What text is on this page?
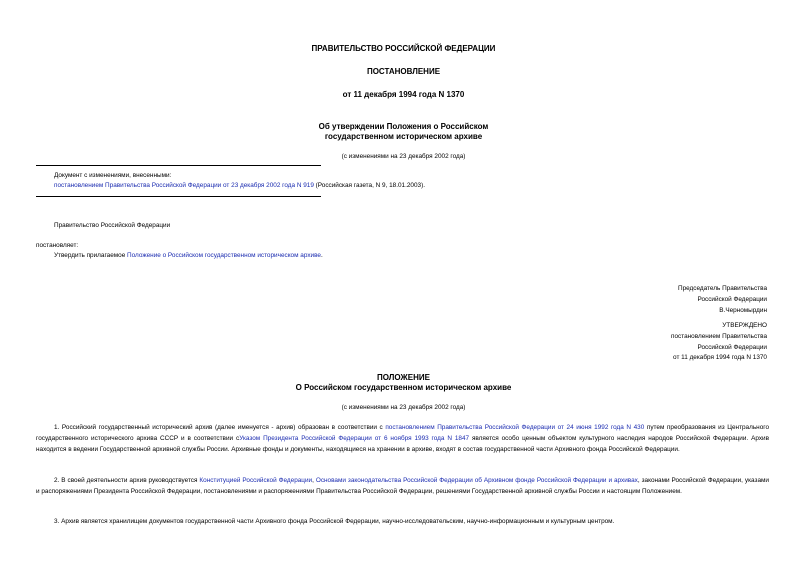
ПРАВИТЕЛЬСТВО РОССИЙСКОЙ ФЕДЕРАЦИИ
ПОСТАНОВЛЕНИЕ
от 11 декабря 1994 года N 1370
Об утверждении Положения о Российском
государственном историческом архиве
(с изменениями на 23 декабря 2002 года)
Документ с изменениями, внесенными:
постановлением Правительства Российской Федерации от 23 декабря 2002 года N 919 (Российская газета, N 9, 18.01.2003).
Правительство Российской Федерации
постановляет:
Утвердить прилагаемое Положение о Российском государственном историческом архиве.
Председатель Правительства
Российской Федерации
В.Черномырдин
УТВЕРЖДЕНО
постановлением Правительства
Российской Федерации
от 11 декабря 1994 года N 1370
ПОЛОЖЕНИЕ
О Российском государственном историческом архиве
(с изменениями на 23 декабря 2002 года)

1. Российский государственный исторический архив (далее именуется - архив) образован в соответствии с постановлением Правительства Российской Федерации от 24 июня 1992 года N 430 путем преобразования из Центрального государственного исторического архива СССР и в соответствии сУказом Президента Российской Федерации от 6 ноября 1993 года N 1847 является особо ценным объектом культурного наследия народов Российской Федерации. Архив находится в ведении Государственной архивной службы России. Архивные фонды и документы, находящиеся на хранении в архиве, входят в состав государственной части Архивного фонда Российской Федерации.

2. В своей деятельности архив руководствуется Конституцией Российской Федерации, Основами законодательства Российской Федерации об Архивном фонде Российской Федерации и архивах, законами Российской Федерации, указами и распоряжениями Президента Российской Федерации, постановлениями и распоряжениями Правительства Российской Федерации, решениями Государственной архивной службы России и настоящим Положением.

3. Архив является хранилищем документов государственной части Архивного фонда Российской Федерации, научно-исследовательским, научно-информационным и культурным центром.
